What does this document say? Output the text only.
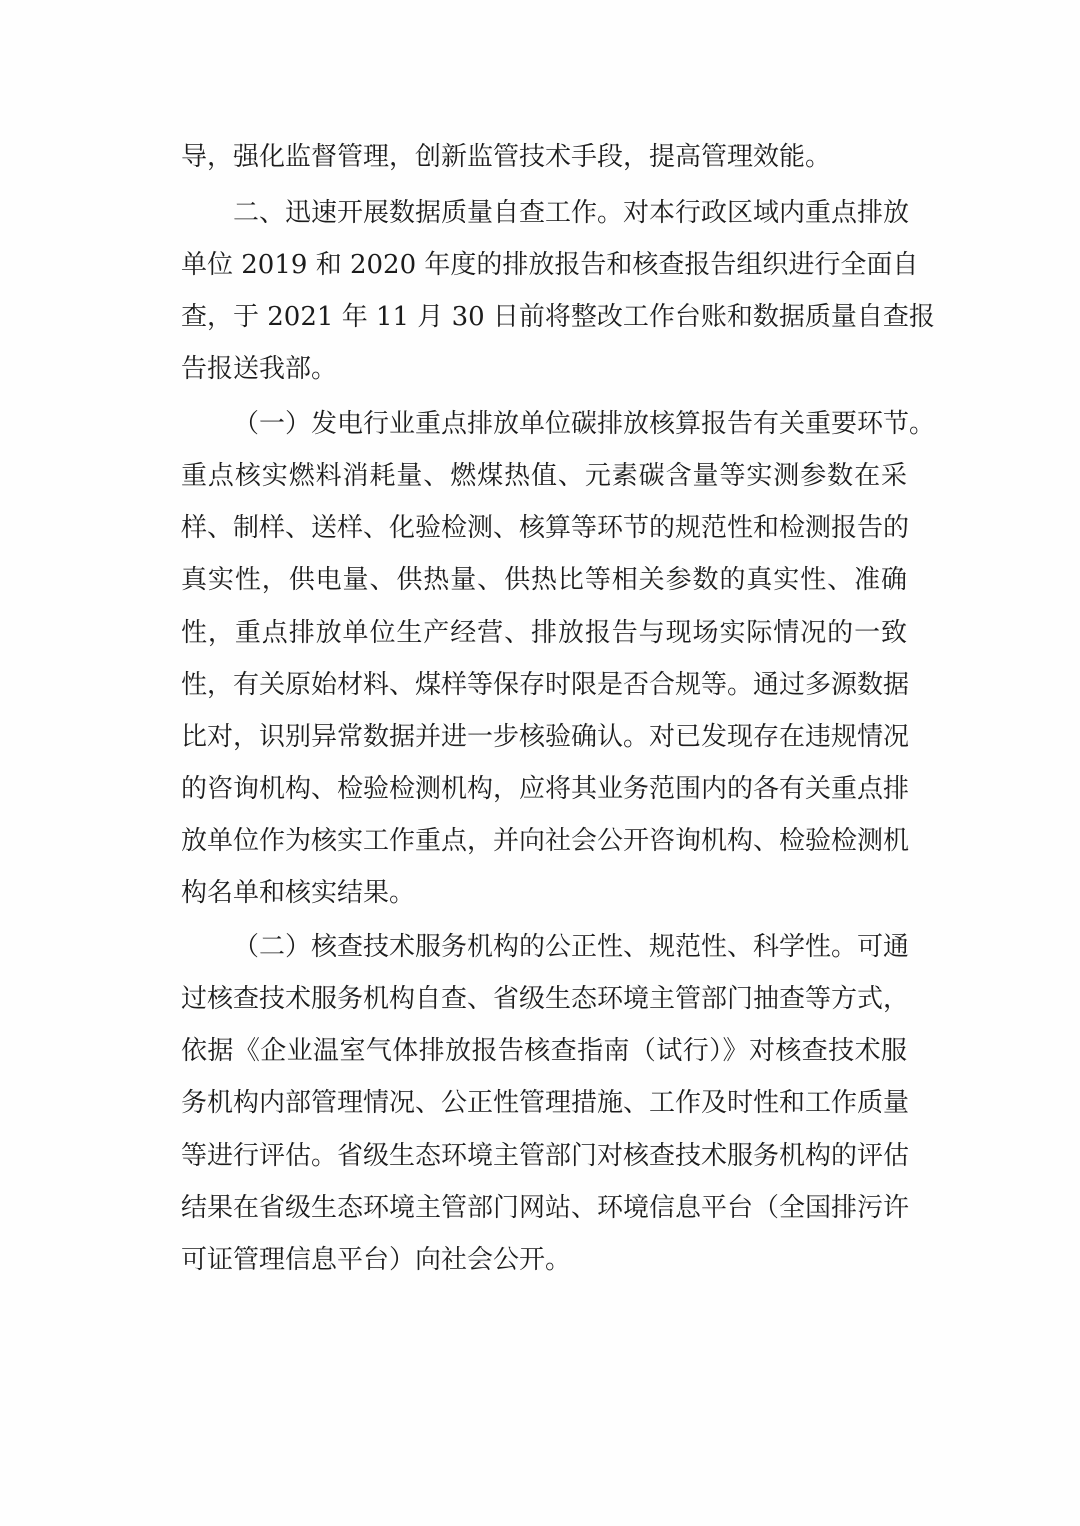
导，强化监督管理，创新监管技术手段，提高管理效能。
二、迅速开展数据质量自查工作。对本行政区域内重点排放
单位 2019 和 2020 年度的排放报告和核查报告组织进行全面自
查，于 2021 年 11 月 30 日前将整改工作台账和数据质量自查报
告报送我部。
（一）发电行业重点排放单位碳排放核算报告有关重要环节。
重点核实燃料消耗量、燃煤热值、元素碳含量等实测参数在采
样、制样、送样、化验检测、核算等环节的规范性和检测报告的
真实性，供电量、供热量、供热比等相关参数的真实性、准确
性，重点排放单位生产经营、排放报告与现场实际情况的一致
性，有关原始材料、煤样等保存时限是否合规等。通过多源数据
比对，识别异常数据并进一步核验确认。对已发现存在违规情况
的咨询机构、检验检测机构，应将其业务范围内的各有关重点排
放单位作为核实工作重点，并向社会公开咨询机构、检验检测机
构名单和核实结果。
（二）核查技术服务机构的公正性、规范性、科学性。可通
过核查技术服务机构自查、省级生态环境主管部门抽查等方式，
依据《企业温室气体排放报告核查指南（试行）》对核查技术服
务机构内部管理情况、公正性管理措施、工作及时性和工作质量
等进行评估。省级生态环境主管部门对核查技术服务机构的评估
结果在省级生态环境主管部门网站、环境信息平台（全国排污许
可证管理信息平台）向社会公开。
